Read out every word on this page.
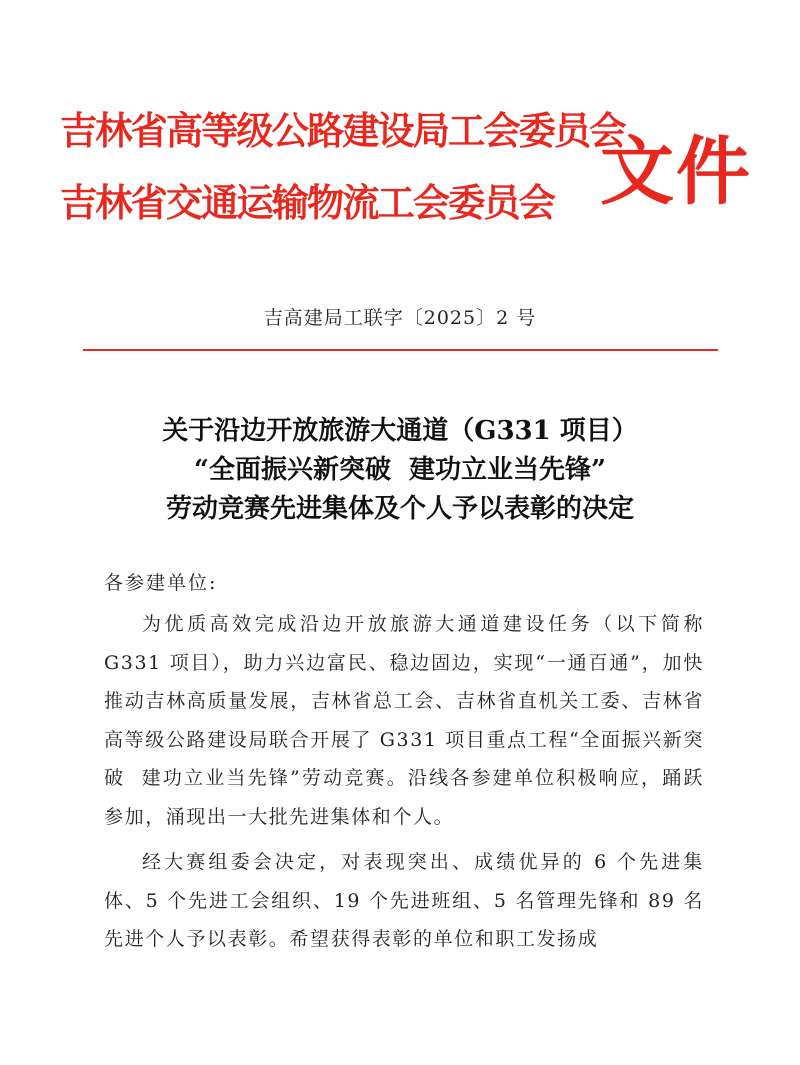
吉林省高等级公路建设局工会委员会
吉林省交通运输物流工会委员会 文件
吉高建局工联字〔2025〕2 号
关于沿边开放旅游大通道（G331 项目）
“全面振兴新突破  建功立业当先锋”
劳动竞赛先进集体及个人予以表彰的决定
各参建单位:

为优质高效完成沿边开放旅游大通道建设任务（以下简称 G331 项目），助力兴边富民、稳边固边，实现“一通百通”，加快推动吉林高质量发展，吉林省总工会、吉林省直机关工委、吉林省高等级公路建设局联合开展了 G331 项目重点工程“全面振兴新突破  建功立业当先锋”劳动竞赛。沿线各参建单位积极响应，踊跃参加，涌现出一大批先进集体和个人。

经大赛组委会决定，对表现突出、成绩优异的 6 个先进集体、5 个先进工会组织、19 个先进班组、5 名管理先锋和 89 名先进个人予以表彰。希望获得表彰的单位和职工发扬成
